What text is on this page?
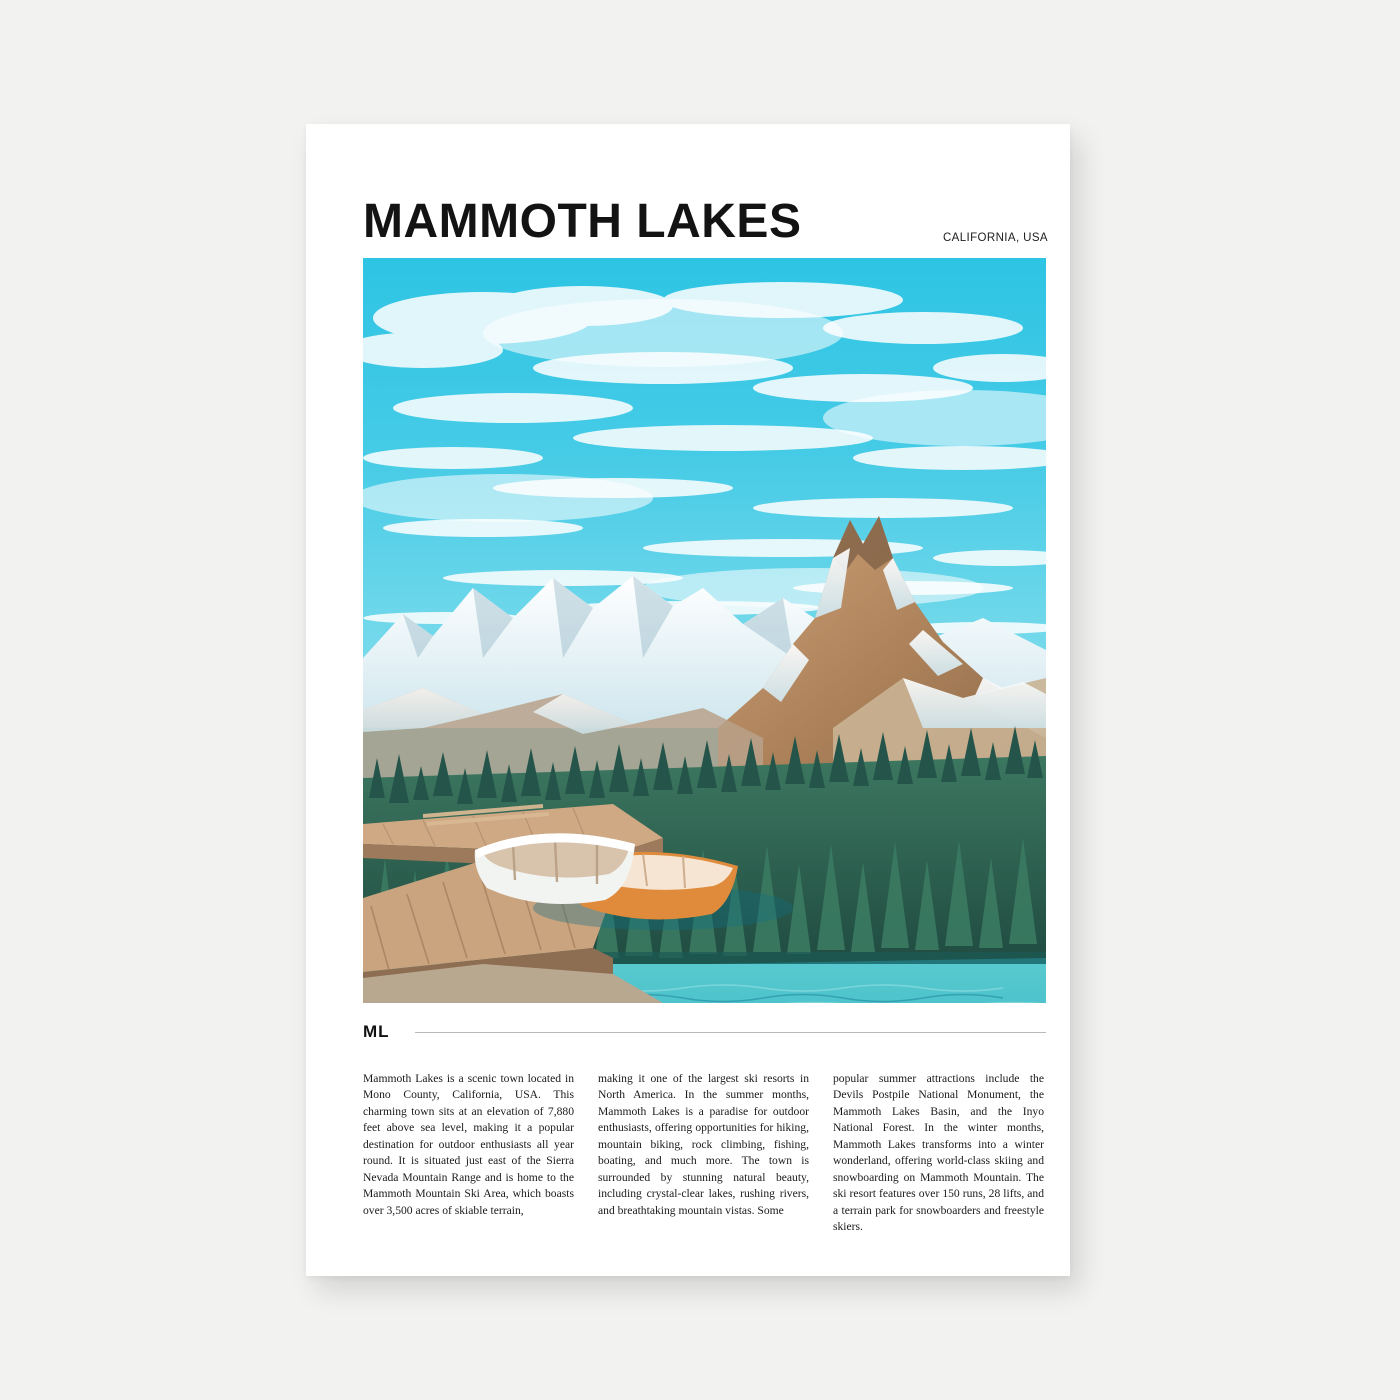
MAMMOTH LAKES	CALIFORNIA, USA
ML
Mammoth Lakes is a scenic town located in Mono County, California, USA. This charming town sits at an elevation of 7,880 feet above sea level, making it a popular destination for outdoor enthusiasts all year round. It is situated just east of the Sierra Nevada Mountain Range and is home to the Mammoth Mountain Ski Area, which boasts over 3,500 acres of skiable terrain,
making it one of the largest ski resorts in North America. In the summer months, Mammoth Lakes is a paradise for outdoor enthusiasts, offering opportunities for hiking, mountain biking, rock climbing, fishing, boating, and much more. The town is surrounded by stunning natural beauty, including crystal-clear lakes, rushing rivers, and breathtaking mountain vistas. Some
popular summer attractions include the Devils Postpile National Monument, the Mammoth Lakes Basin, and the Inyo National Forest. In the winter months, Mammoth Lakes transforms into a winter wonderland, offering world-class skiing and snowboarding on Mammoth Mountain. The ski resort features over 150 runs, 28 lifts, and a terrain park for snowboarders and freestyle skiers.
